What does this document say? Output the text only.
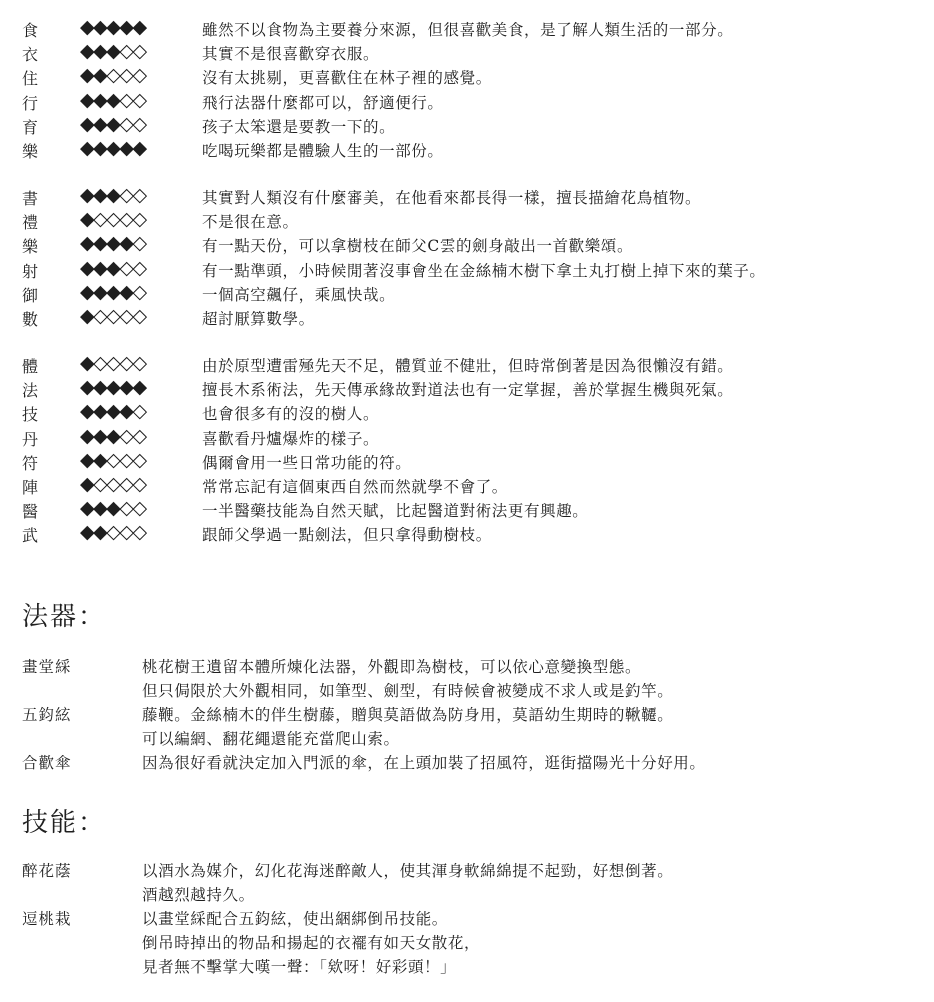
食 ◆◆◆◆◆	雖然不以食物為主要養分來源，但很喜歡美食，是了解人類生活的一部分。
衣 ◆◆◆◇◇	其實不是很喜歡穿衣服。
住 ◆◆◇◇◇	沒有太挑剔，更喜歡住在林子裡的感覺。
行 ◆◆◆◇◇	飛行法器什麼都可以，舒適便行。
育 ◆◆◆◇◇	孩子太笨還是要教一下的。
樂 ◆◆◆◆◆	吃喝玩樂都是體驗人生的一部份。
書 ◆◆◆◇◇	其實對人類沒有什麼審美，在他看來都長得一樣，擅長描繪花鳥植物。
禮 ◆◇◇◇◇	不是很在意。
樂 ◆◆◆◆◇	有一點天份，可以拿樹枝在師父C雲的劍身敲出一首歡樂頌。
射 ◆◆◆◇◇	有一點準頭，小時候閒著沒事會坐在金絲楠木樹下拿土丸打樹上掉下來的葉子。
御 ◆◆◆◆◇	一個高空飆仔，乘風快哉。
數 ◆◇◇◇◇	超討厭算數學。
體 ◆◇◇◇◇	由於原型遭雷殛先天不足，體質並不健壯，但時常倒著是因為很懶沒有錯。
法 ◆◆◆◆◆	擅長木系術法，先天傳承緣故對道法也有一定掌握，善於掌握生機與死氣。
技 ◆◆◆◆◇	也會很多有的沒的樹人。
丹 ◆◆◆◇◇	喜歡看丹爐爆炸的樣子。
符 ◆◆◇◇◇	偶爾會用一些日常功能的符。
陣 ◆◇◇◇◇	常常忘記有這個東西自然而然就學不會了。
醫 ◆◆◆◇◇	一半醫藥技能為自然天賦，比起醫道對術法更有興趣。
武 ◆◆◇◇◇	跟師父學過一點劍法，但只拿得動樹枝。
法器：
畫堂綵	桃花樹王遺留本體所煉化法器，外觀即為樹枝，可以依心意變換型態。
但只侷限於大外觀相同，如筆型、劍型，有時候會被變成不求人或是釣竿。
五鈞絃	藤鞭。金絲楠木的伴生樹藤，贈與莫語做為防身用，莫語幼生期時的鞦韆。
可以編網、翻花繩還能充當爬山索。
合歡傘	因為很好看就決定加入門派的傘，在上頭加裝了招風符，逛街擋陽光十分好用。
技能：
醉花蔭	以酒水為媒介，幻化花海迷醉敵人，使其渾身軟綿綿提不起勁，好想倒著。
酒越烈越持久。
逗桃栽	以畫堂綵配合五鈞絃，使出綑綁倒吊技能。
倒吊時掉出的物品和揚起的衣襬有如天女散花，
見者無不擊掌大嘆一聲：「欸呀！好彩頭！」
